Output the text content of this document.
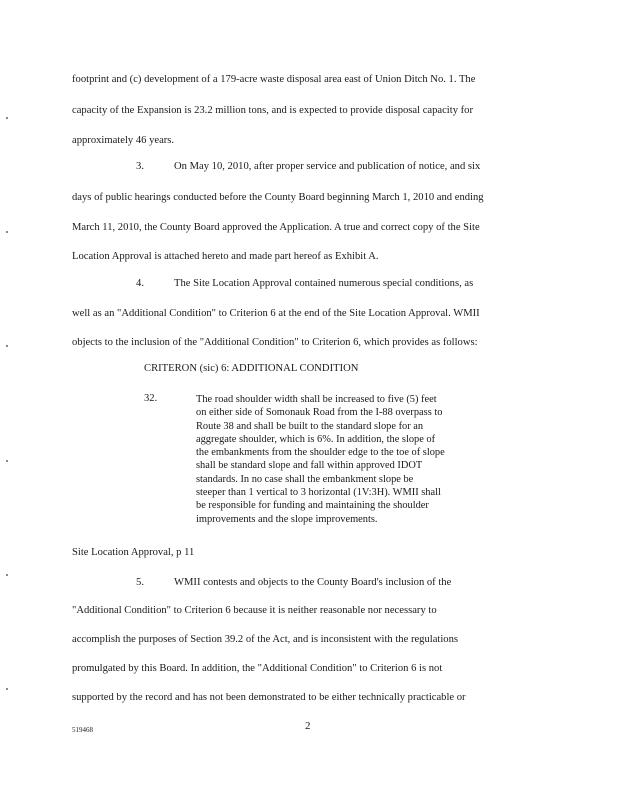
footprint and (c) development of a 179-acre waste disposal area east of Union Ditch No. 1. The
capacity of the Expansion is 23.2 million tons, and is expected to provide disposal capacity for
approximately 46 years.
3.	On May 10, 2010, after proper service and publication of notice, and six
days of public hearings conducted before the County Board beginning March 1, 2010 and ending
March 11, 2010, the County Board approved the Application. A true and correct copy of the Site
Location Approval is attached hereto and made part hereof as Exhibit A.
4.	The Site Location Approval contained numerous special conditions, as
well as an "Additional Condition" to Criterion 6 at the end of the Site Location Approval. WMII
objects to the inclusion of the "Additional Condition" to Criterion 6, which provides as follows:
CRITERON (sic) 6: ADDITIONAL CONDITION
32.	The road shoulder width shall be increased to five (5) feet
on either side of Somonauk Road from the I-88 overpass to
Route 38 and shall be built to the standard slope for an
aggregate shoulder, which is 6%. In addition, the slope of
the embankments from the shoulder edge to the toe of slope
shall be standard slope and fall within approved IDOT
standards. In no case shall the embankment slope be
steeper than 1 vertical to 3 horizontal (1V:3H). WMII shall
be responsible for funding and maintaining the shoulder
improvements and the slope improvements.
Site Location Approval, p 11
5.	WMII contests and objects to the County Board's inclusion of the
"Additional Condition" to Criterion 6 because it is neither reasonable nor necessary to
accomplish the purposes of Section 39.2 of the Act, and is inconsistent with the regulations
promulgated by this Board. In addition, the "Additional Condition" to Criterion 6 is not
supported by the record and has not been demonstrated to be either technically practicable or
519468	2
